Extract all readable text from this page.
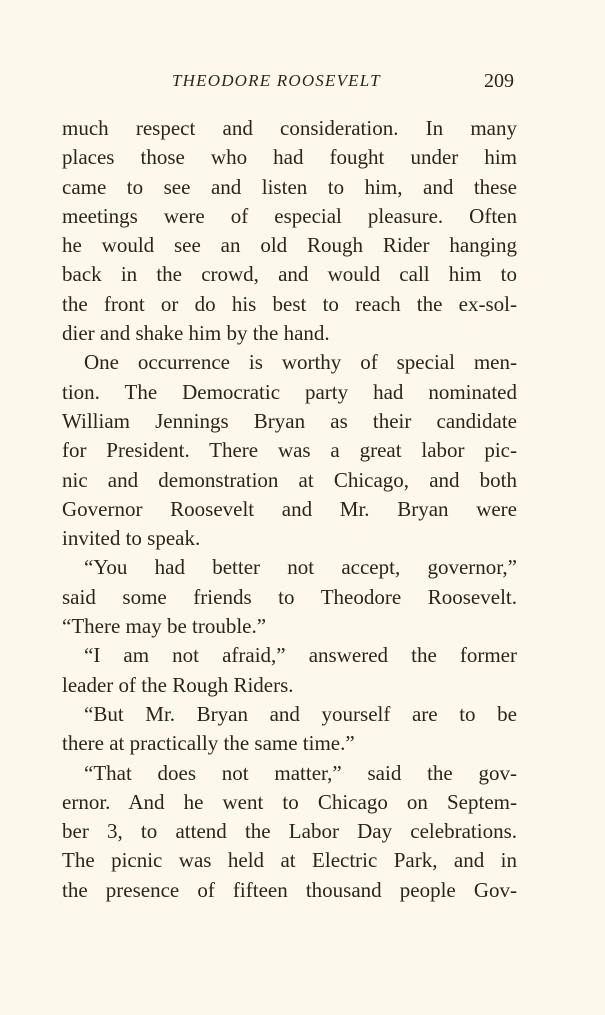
THEODORE ROOSEVELT	209
much respect and consideration. In many
places those who had fought under him
came to see and listen to him, and these
meetings were of especial pleasure. Often
he would see an old Rough Rider hanging
back in the crowd, and would call him to
the front or do his best to reach the ex-sol-
dier and shake him by the hand.
One occurrence is worthy of special men-
tion. The Democratic party had nominated
William Jennings Bryan as their candidate
for President. There was a great labor pic-
nic and demonstration at Chicago, and both
Governor Roosevelt and Mr. Bryan were
invited to speak.
“You had better not accept, governor,”
said some friends to Theodore Roosevelt.
“There may be trouble.”
“I am not afraid,” answered the former
leader of the Rough Riders.
“But Mr. Bryan and yourself are to be
there at practically the same time.”
“That does not matter,” said the gov-
ernor. And he went to Chicago on Septem-
ber 3, to attend the Labor Day celebrations.
The picnic was held at Electric Park, and in
the presence of fifteen thousand people Gov-
